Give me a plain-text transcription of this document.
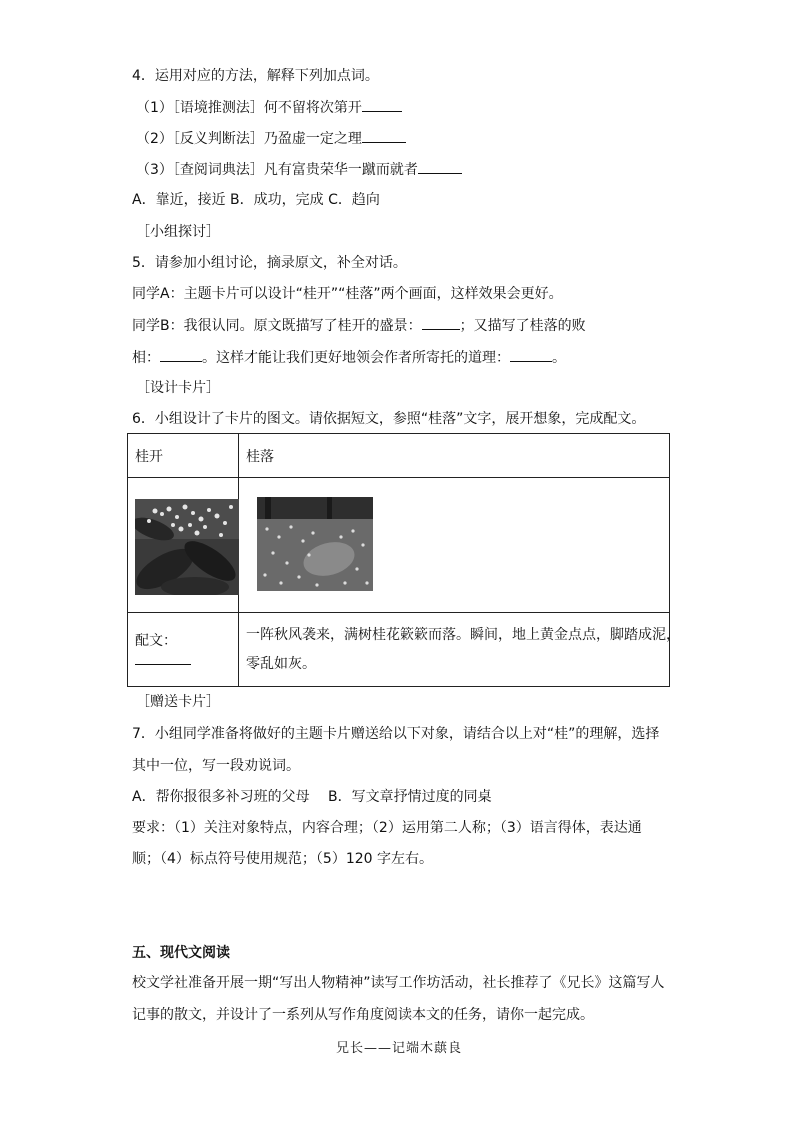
4．运用对应的方法，解释下列加点词。
（1）［语境推测法］何不留将次第开
（2）［反义判断法］乃盈虚一定之理
（3）［查阅词典法］凡有富贵荣华一蹴而就者
A．靠近，接近 B．成功，完成 C．趋向
［小组探讨］
5．请参加小组讨论，摘录原文，补全对话。
同学A：主题卡片可以设计“桂开”“桂落”两个画面，这样效果会更好。
同学B：我很认同。原文既描写了桂开的盛景：	；又描写了桂落的败
相：	。这样才能让我们更好地领会作者所寄托的道理：	。
［设计卡片］
6．小组设计了卡片的图文。请依据短文，参照“桂落”文字，展开想象，完成配文。
桂开	桂落

配文：	一阵秋风袭来，满树桂花簌簌而落。瞬间，地上黄金点点，脚踏成泥，
零乱如灰。
［赠送卡片］
7．小组同学准备将做好的主题卡片赠送给以下对象，请结合以上对“桂”的理解，选择
其中一位，写一段劝说词。
A．帮你报很多补习班的父母　 B．写文章抒情过度的同桌
要求：（1）关注对象特点，内容合理；（2）运用第二人称；（3）语言得体，表达通
顺；（4）标点符号使用规范；（5）120 字左右。
五、现代文阅读
校文学社准备开展一期“写出人物精神”读写工作坊活动，社长推荐了《兄长》这篇写人
记事的散文，并设计了一系列从写作角度阅读本文的任务，请你一起完成。
兄长——记端木蕻良
